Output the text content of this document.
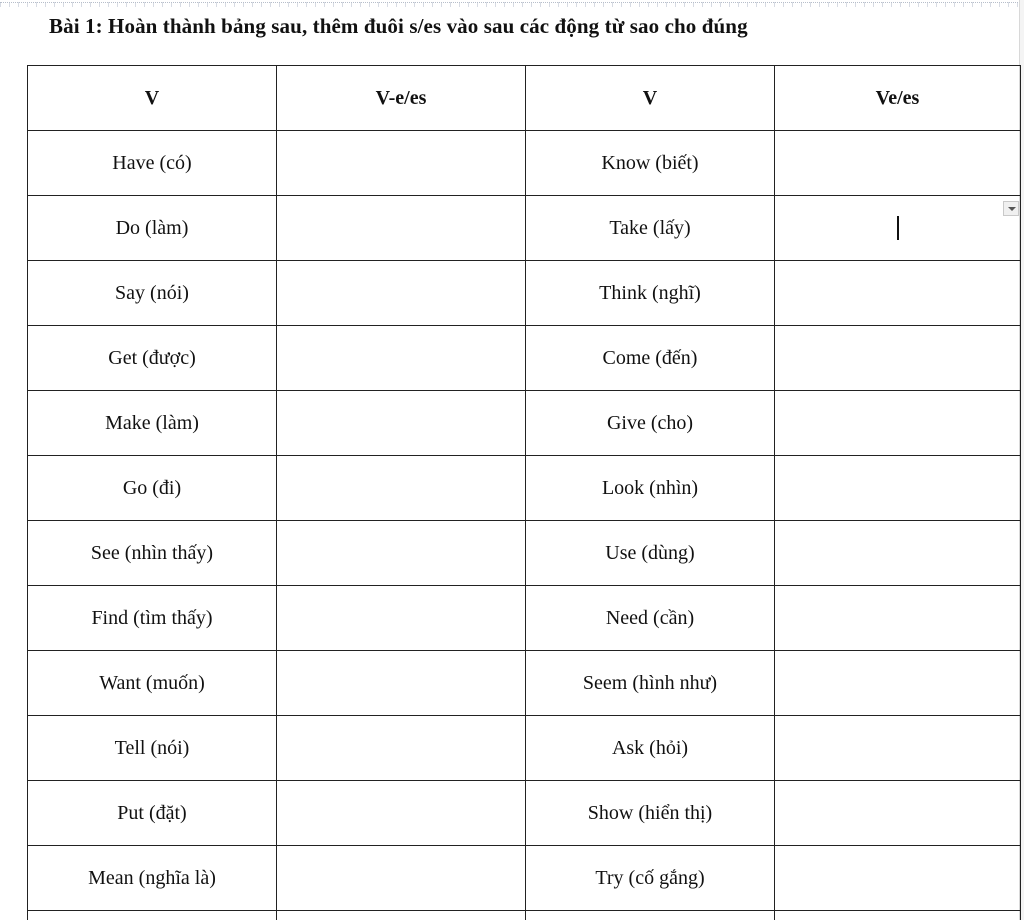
Bài 1: Hoàn thành bảng sau, thêm đuôi s/es vào sau các động từ sao cho đúng
V	V-e/es	V	Ve/es
Have (có)		Know (biết)	
Do (làm)		Take (lấy)	
Say (nói)		Think (nghĩ)	
Get (được)		Come (đến)	
Make (làm)		Give (cho)	
Go (đi)		Look (nhìn)	
See (nhìn thấy)		Use (dùng)	
Find (tìm thấy)		Need (cần)	
Want (muốn)		Seem (hình như)	
Tell (nói)		Ask (hỏi)	
Put (đặt)		Show (hiển thị)	
Mean (nghĩa là)		Try (cố gắng)	
